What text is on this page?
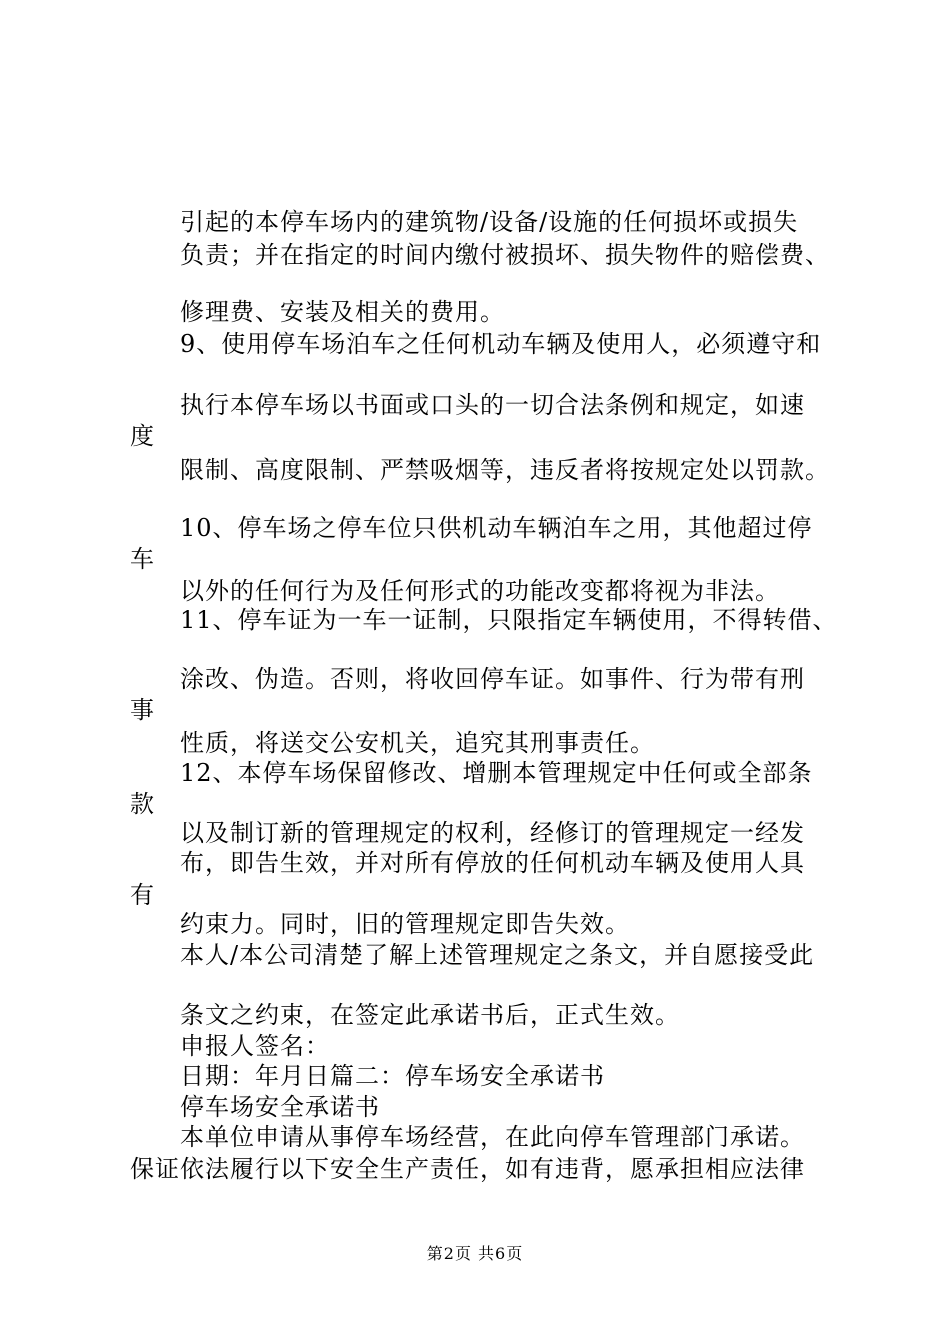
引起的本停车场内的建筑物/设备/设施的任何损坏或损失
负责；并在指定的时间内缴付被损坏、损失物件的赔偿费、
修理费、安装及相关的费用。
9、使用停车场泊车之任何机动车辆及使用人，必须遵守和
执行本停车场以书面或口头的一切合法条例和规定，如速
度
限制、高度限制、严禁吸烟等，违反者将按规定处以罚款。
10、停车场之停车位只供机动车辆泊车之用，其他超过停
车
以外的任何行为及任何形式的功能改变都将视为非法。
11、停车证为一车一证制，只限指定车辆使用，不得转借、
涂改、伪造。否则，将收回停车证。如事件、行为带有刑
事
性质，将送交公安机关，追究其刑事责任。
12、本停车场保留修改、增删本管理规定中任何或全部条
款
以及制订新的管理规定的权利，经修订的管理规定一经发
布，即告生效，并对所有停放的任何机动车辆及使用人具
有
约束力。同时，旧的管理规定即告失效。
本人/本公司清楚了解上述管理规定之条文，并自愿接受此
条文之约束，在签定此承诺书后，正式生效。
申报人签名：
日期：年月日篇二：停车场安全承诺书
停车场安全承诺书
本单位申请从事停车场经营，在此向停车管理部门承诺。
保证依法履行以下安全生产责任，如有违背，愿承担相应法律
第2页 共6页
